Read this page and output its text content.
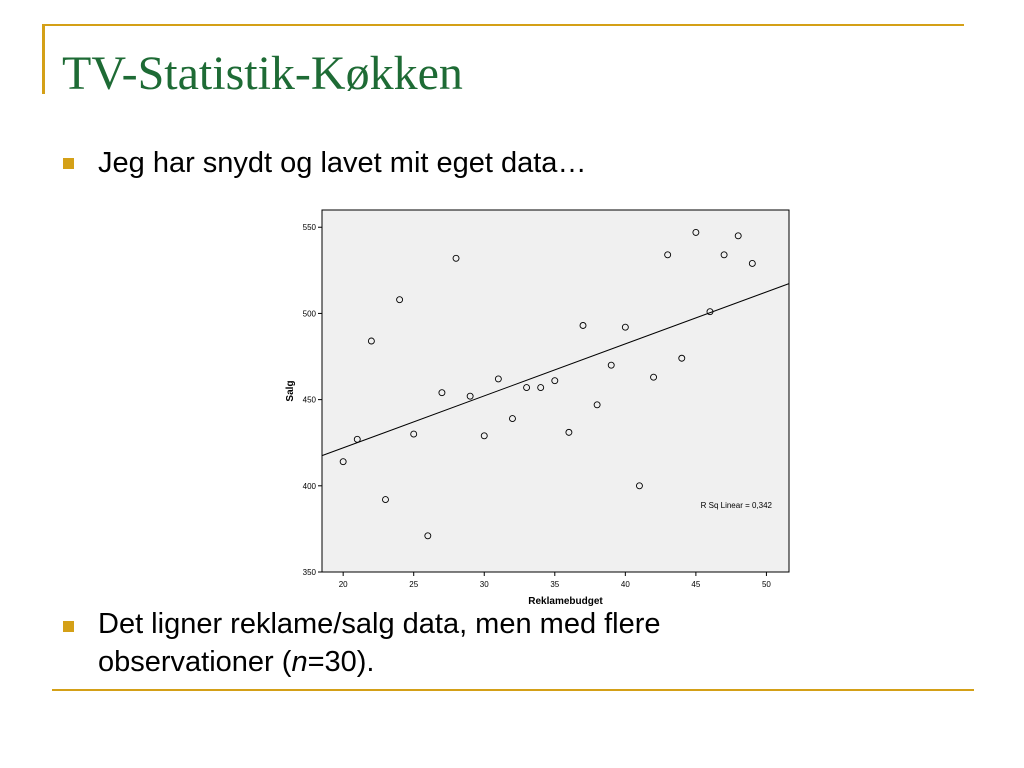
TV-Statistik-Køkken

Jeg har snydt og lavet mit eget data…

20	25	30	35	40	45	50
350
400
450
500
550
R Sq Linear = 0,342
Reklamebudget
Salg

Det ligner reklame/salg data, men med flere observationer (n=30).
